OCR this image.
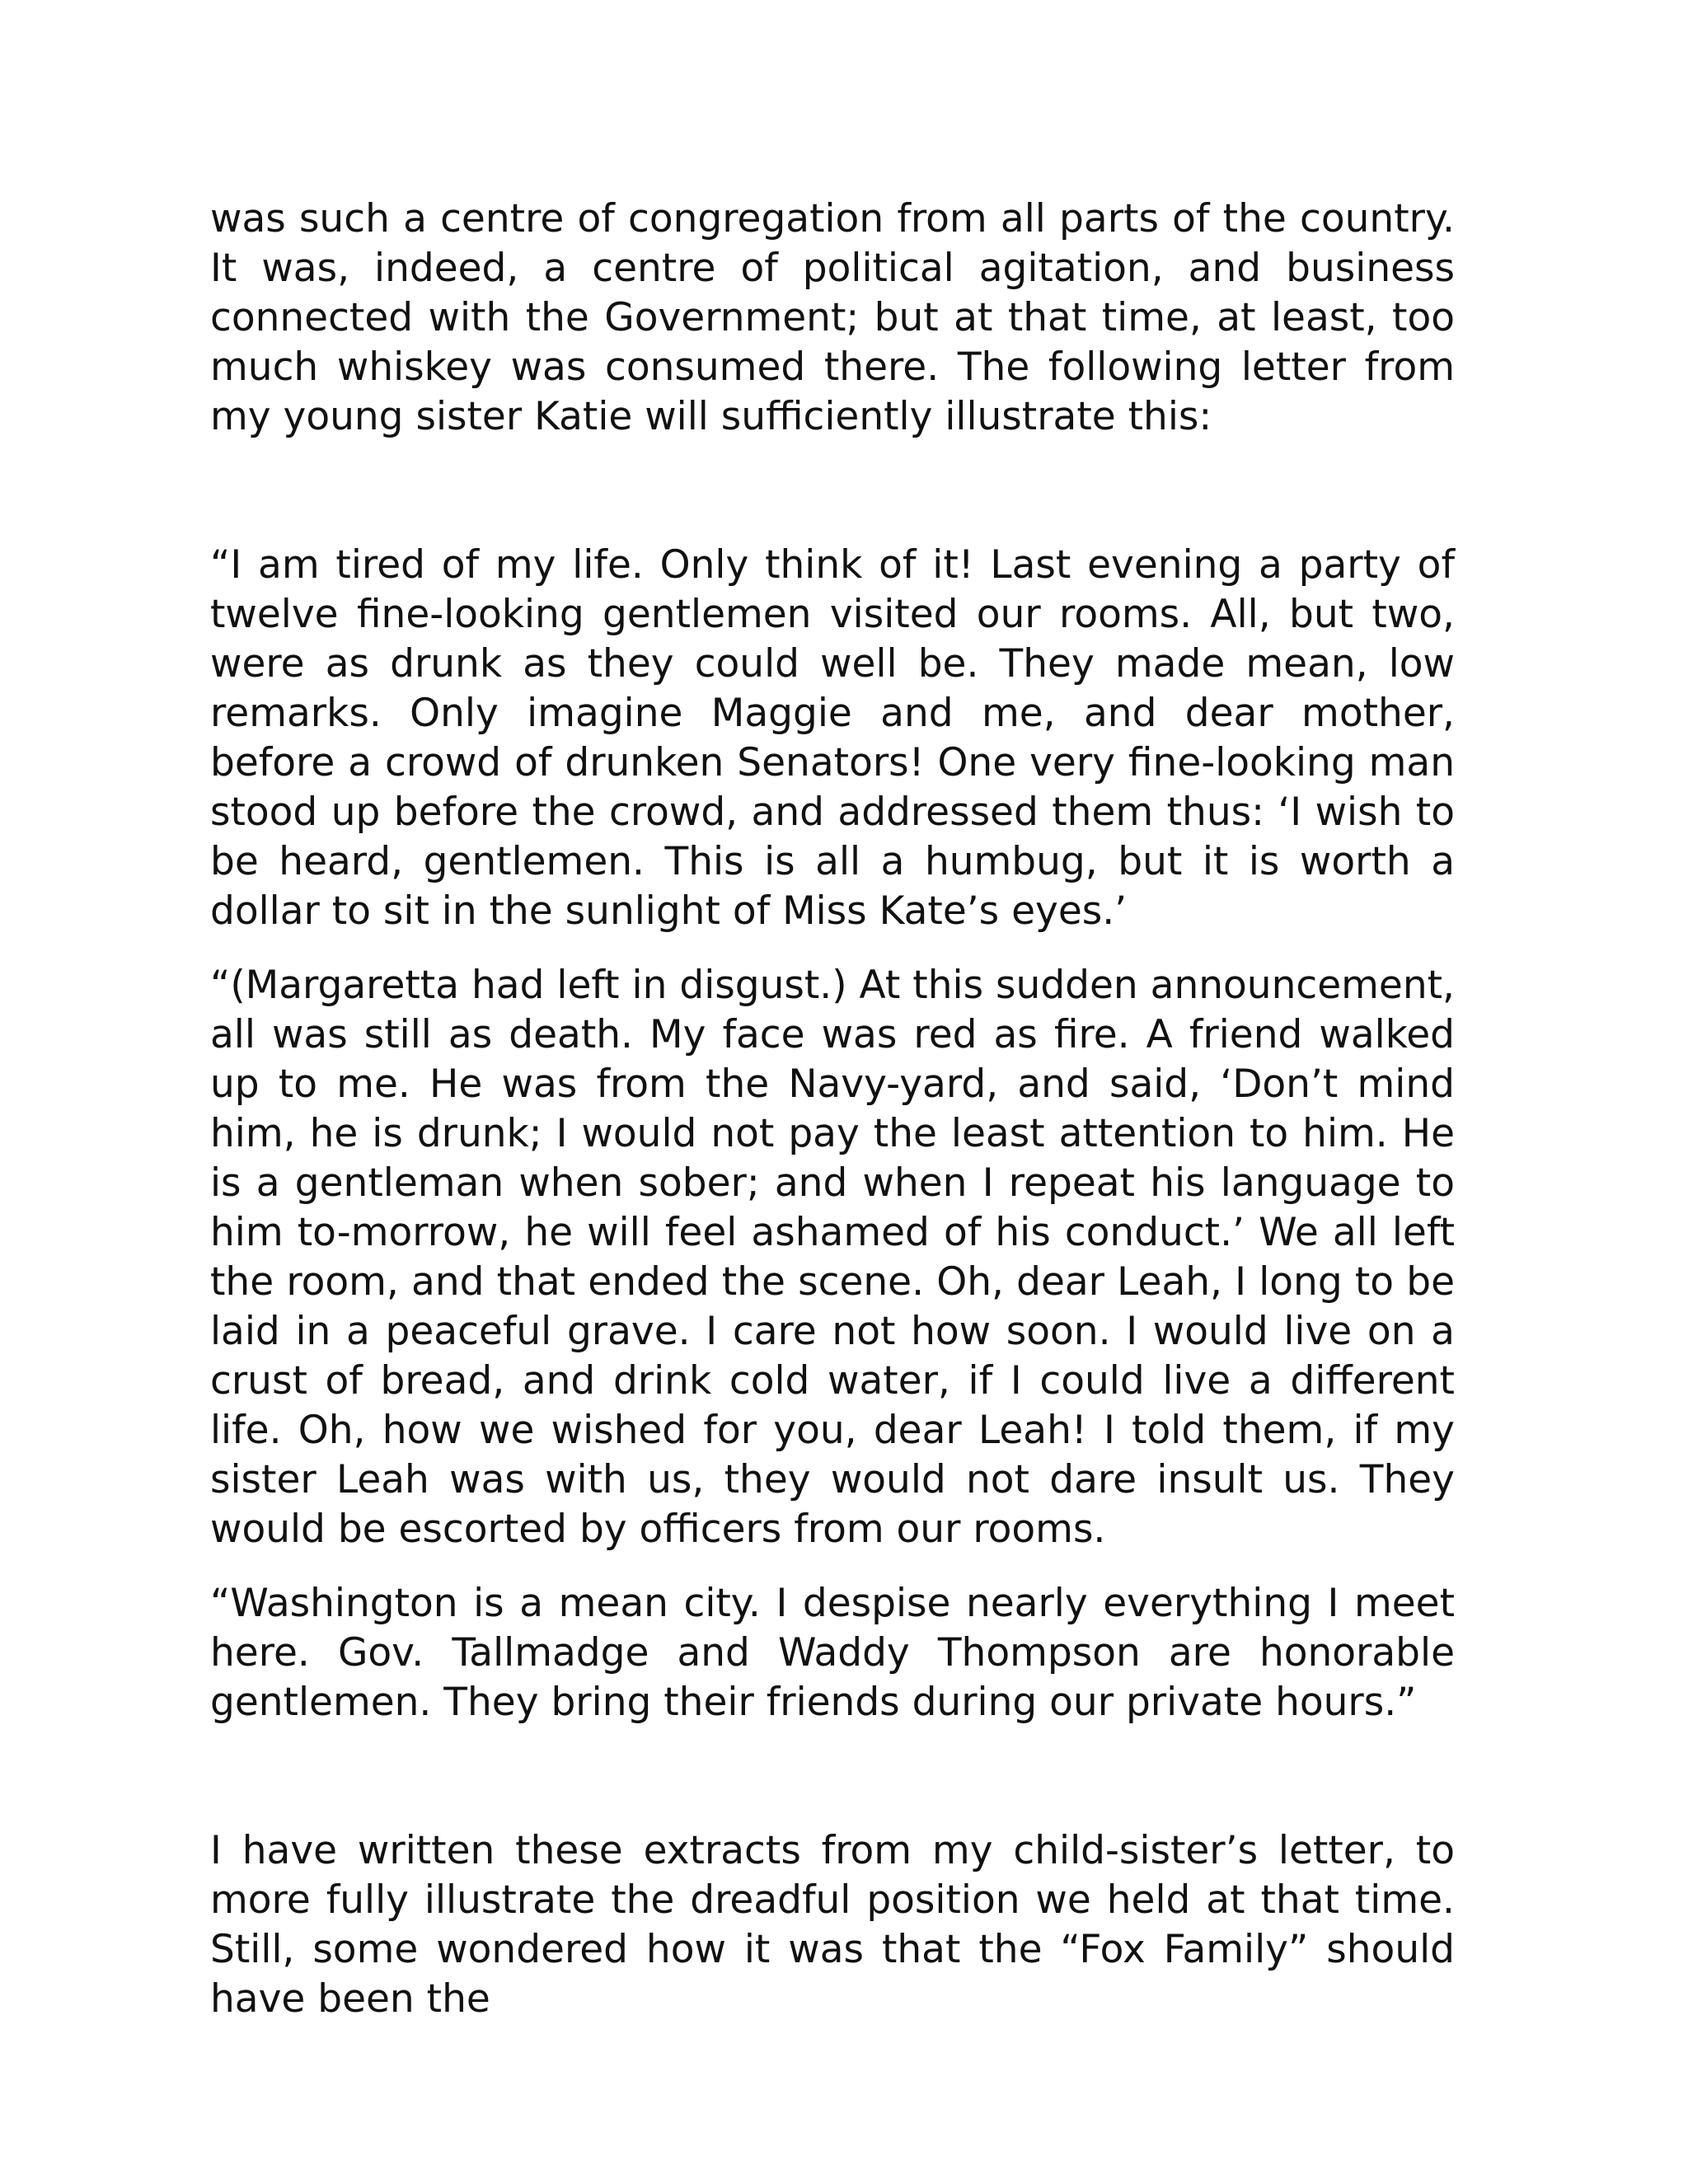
was such a centre of congregation from all parts of the country. It was, indeed, a centre of political agitation, and business connected with the Government; but at that time, at least, too much whiskey was consumed there. The following letter from my young sister Katie will sufficiently illustrate this:

“I am tired of my life. Only think of it! Last evening a party of twelve fine-looking gentlemen visited our rooms. All, but two, were as drunk as they could well be. They made mean, low remarks. Only imagine Maggie and me, and dear mother, before a crowd of drunken Senators! One very fine-looking man stood up before the crowd, and addressed them thus: ‘I wish to be heard, gentlemen. This is all a humbug, but it is worth a dollar to sit in the sunlight of Miss Kate’s eyes.’

“(Margaretta had left in disgust.) At this sudden announcement, all was still as death. My face was red as fire. A friend walked up to me. He was from the Navy-yard, and said, ‘Don’t mind him, he is drunk; I would not pay the least attention to him. He is a gentleman when sober; and when I repeat his language to him to-morrow, he will feel ashamed of his conduct.’ We all left the room, and that ended the scene. Oh, dear Leah, I long to be laid in a peaceful grave. I care not how soon. I would live on a crust of bread, and drink cold water, if I could live a different life. Oh, how we wished for you, dear Leah! I told them, if my sister Leah was with us, they would not dare insult us. They would be escorted by officers from our rooms.

“Washington is a mean city. I despise nearly everything I meet here. Gov. Tallmadge and Waddy Thompson are honorable gentlemen. They bring their friends during our private hours.”

I have written these extracts from my child-sister’s letter, to more fully illustrate the dreadful position we held at that time. Still, some wondered how it was that the “Fox Family” should have been the
